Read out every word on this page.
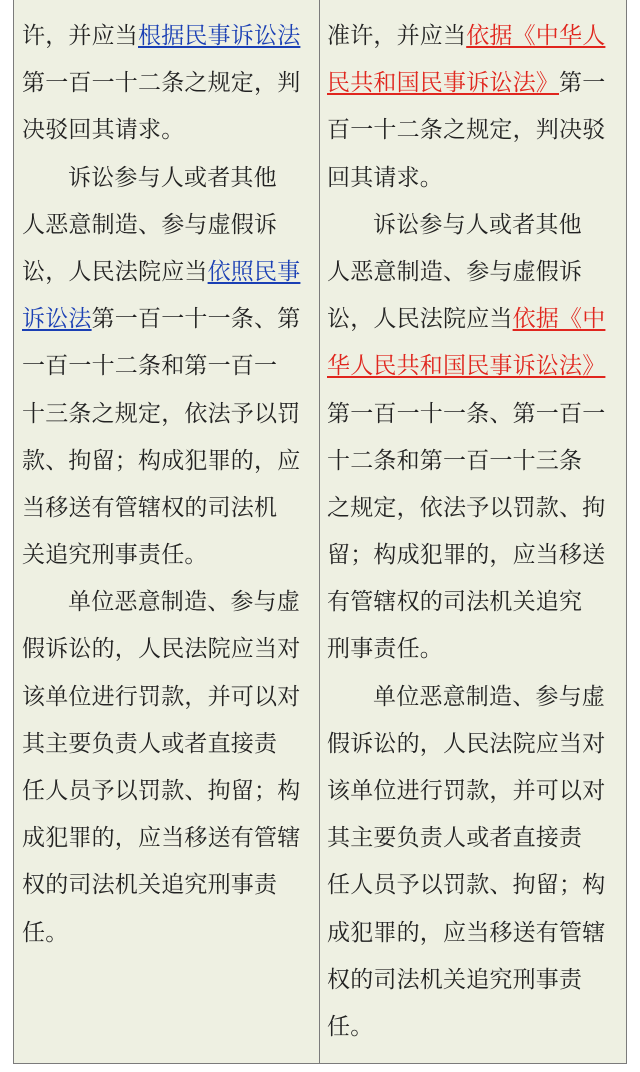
许，并应当根据民事诉讼法
第一百一十二条之规定，判
决驳回其请求。
诉讼参与人或者其他
人恶意制造、参与虚假诉
讼，人民法院应当依照民事
诉讼法第一百一十一条、第
一百一十二条和第一百一
十三条之规定，依法予以罚
款、拘留；构成犯罪的，应
当移送有管辖权的司法机
关追究刑事责任。
单位恶意制造、参与虚
假诉讼的，人民法院应当对
该单位进行罚款，并可以对
其主要负责人或者直接责
任人员予以罚款、拘留；构
成犯罪的，应当移送有管辖
权的司法机关追究刑事责
任。
准许，并应当依据《中华人
民共和国民事诉讼法》第一
百一十二条之规定，判决驳
回其请求。
诉讼参与人或者其他
人恶意制造、参与虚假诉
讼，人民法院应当依据《中
华人民共和国民事诉讼法》
第一百一十一条、第一百一
十二条和第一百一十三条
之规定，依法予以罚款、拘
留；构成犯罪的，应当移送
有管辖权的司法机关追究
刑事责任。
单位恶意制造、参与虚
假诉讼的，人民法院应当对
该单位进行罚款，并可以对
其主要负责人或者直接责
任人员予以罚款、拘留；构
成犯罪的，应当移送有管辖
权的司法机关追究刑事责
任。
